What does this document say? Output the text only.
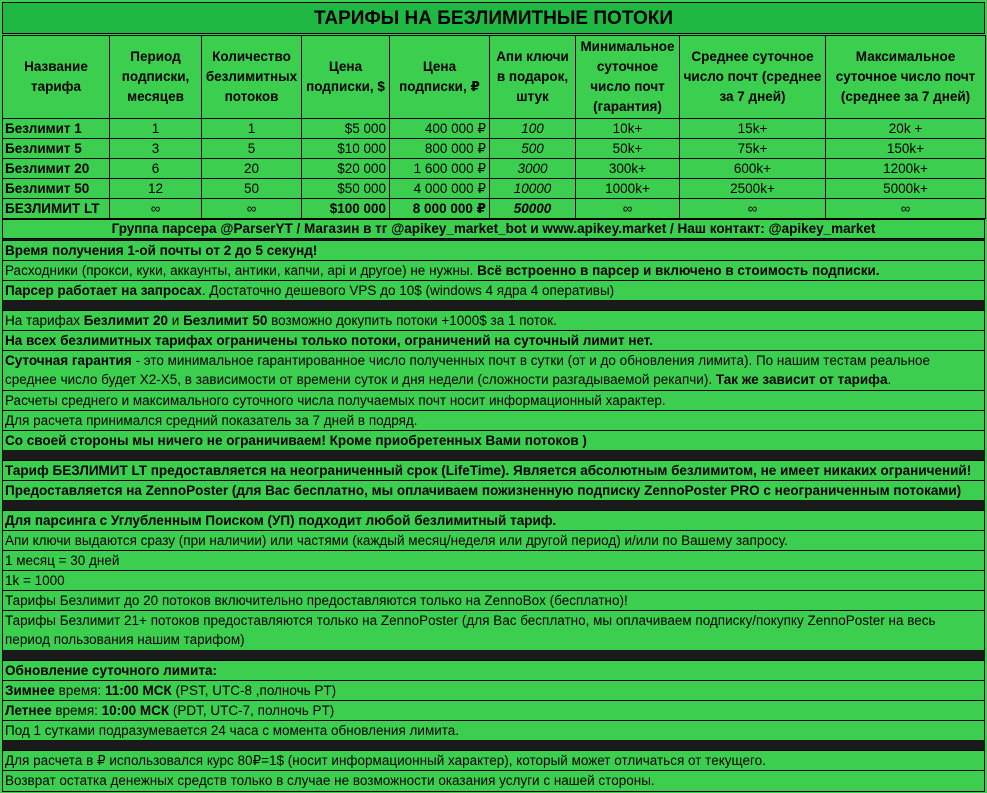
ТАРИФЫ НА БЕЗЛИМИТНЫЕ ПОТОКИ
Название тарифа	Период подписки, месяцев	Количество безлимитных потоков	Цена подписки, $	Цена подписки, ₽	Апи ключи в подарок, штук	Минимальное суточное число почт (гарантия)	Среднее суточное число почт (среднее за 7 дней)	Максимальное суточное число почт (среднее за 7 дней)
Безлимит 1	1	1	$5 000	400 000 ₽	100	10k+	15k+	20k +
Безлимит 5	3	5	$10 000	800 000 ₽	500	50k+	75k+	150k+
Безлимит 20	6	20	$20 000	1 600 000 ₽	3000	300k+	600k+	1200k+
Безлимит 50	12	50	$50 000	4 000 000 ₽	10000	1000k+	2500k+	5000k+
БЕЗЛИМИТ LT	∞	∞	$100 000	8 000 000 ₽	50000	∞	∞	∞
Группа парсера @ParserYT / Магазин в тг @apikey_market_bot и www.apikey.market / Наш контакт: @apikey_market
Время получения 1-ой почты от 2 до 5 секунд!
Расходники (прокси, куки, аккаунты, антики, капчи, api и другое) не нужны. Всё встроенно в парсер и включено в стоимость подписки.
Парсер работает на запросах. Достаточно дешевого VPS до 10$ (windows 4 ядра 4 оперативы)
На тарифах Безлимит 20 и Безлимит 50 возможно докупить потоки +1000$ за 1 поток.
На всех безлимитных тарифах ограничены только потоки, ограничений на суточный лимит нет.
Суточная гарантия - это минимальное гарантированное число полученных почт в сутки (от и до обновления лимита). По нашим тестам реальное среднее число будет X2-X5, в зависимости от времени суток и дня недели (сложности разгадываемой рекапчи). Так же зависит от тарифа.
Расчеты среднего и максимального суточного числа получаемых почт носит информационный характер.
Для расчета принимался средний показатель за 7 дней в подряд.
Со своей стороны мы ничего не ограничиваем! Кроме приобретенных Вами потоков )
Тариф БЕЗЛИМИТ LT предоставляется на неограниченный срок (LifeTime). Является абсолютным безлимитом, не имеет никаких ограничений!
Предоставляется на ZennoPoster (для Вас бесплатно, мы оплачиваем пожизненную подписку ZennoPoster PRO с неограниченным потоками)
Для парсинга с Углубленным Поиском (УП) подходит любой безлимитный тариф.
Апи ключи выдаются сразу (при наличии) или частями (каждый месяц/неделя или другой период) и/или по Вашему запросу.
1 месяц = 30 дней
1k = 1000
Тарифы Безлимит до 20 потоков включительно предоставляются только на ZennoBox (бесплатно)!
Тарифы Безлимит 21+ потоков предоставляются только на ZennoPoster (для Вас бесплатно, мы оплачиваем подписку/покупку ZennoPoster на весь период пользования нашим тарифом)
Обновление суточного лимита:
Зимнее время: 11:00 МСК (PST, UTC-8 ,полночь PT)
Летнее время: 10:00 МСК (PDT, UTC-7, полночь PT)
Под 1 сутками подразумевается 24 часа с момента обновления лимита.
Для расчета в ₽ использовался курс 80₽=1$ (носит информационный характер), который может отличаться от текущего.
Возврат остатка денежных средств только в случае не возможности оказания услуги с нашей стороны.
